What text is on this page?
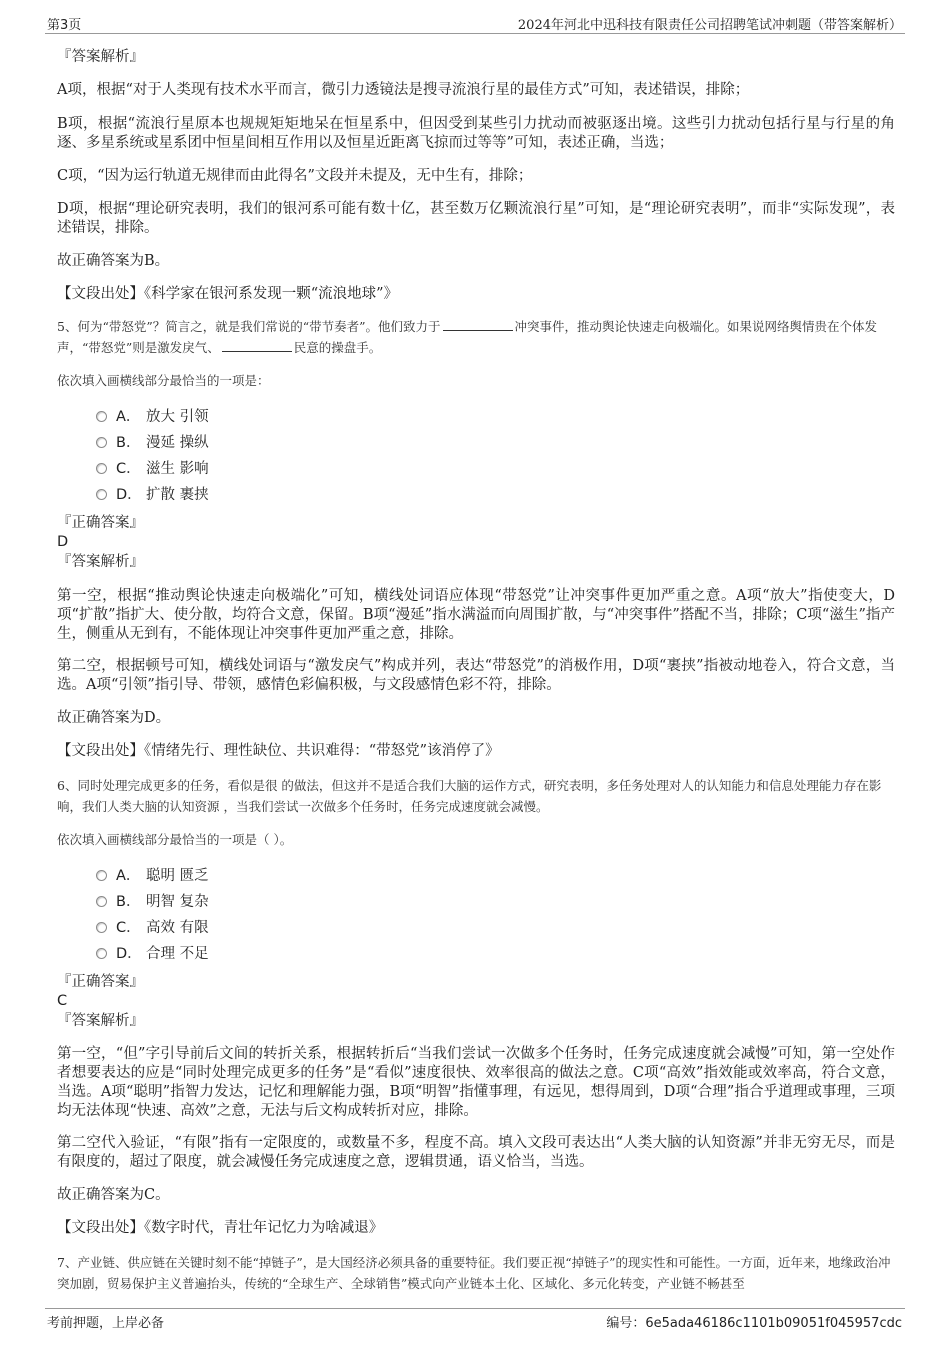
第3页	2024年河北中迅科技有限责任公司招聘笔试冲刺题（带答案解析）
『答案解析』
A项，根据“对于人类现有技术水平而言，微引力透镜法是搜寻流浪行星的最佳方式”可知，表述错误，排除；
B项，根据“流浪行星原本也规规矩矩地呆在恒星系中，但因受到某些引力扰动而被驱逐出境。这些引力扰动包括行星与行星的角逐、多星系统或星系团中恒星间相互作用以及恒星近距离飞掠而过等等”可知，表述正确，当选；
C项，“因为运行轨道无规律而由此得名”文段并未提及，无中生有，排除；
D项，根据“理论研究表明，我们的银河系可能有数十亿，甚至数万亿颗流浪行星”可知，是“理论研究表明”，而非“实际发现”，表述错误，排除。
故正确答案为B。
【文段出处】《科学家在银河系发现一颗“流浪地球”》
5、何为“带怒党”？简言之，就是我们常说的“带节奏者”。他们致力于	冲突事件，推动舆论快速走向极端化。如果说网络舆情贵在个体发声，“带怒党”则是激发戾气、	民意的操盘手。
依次填入画横线部分最恰当的一项是：
A． 放大 引领
B． 漫延 操纵
C． 滋生 影响
D． 扩散 裹挟
『正确答案』
D
『答案解析』
第一空，根据“推动舆论快速走向极端化”可知，横线处词语应体现“带怒党”让冲突事件更加严重之意。A项“放大”指使变大，D项“扩散”指扩大、使分散，均符合文意，保留。B项“漫延”指水满溢而向周围扩散，与“冲突事件”搭配不当，排除；C项“滋生”指产生，侧重从无到有，不能体现让冲突事件更加严重之意，排除。
第二空，根据顿号可知，横线处词语与“激发戾气”构成并列，表达“带怒党”的消极作用，D项“裹挟”指被动地卷入，符合文意，当选。A项“引领”指引导、带领，感情色彩偏积极，与文段感情色彩不符，排除。
故正确答案为D。
【文段出处】《情绪先行、理性缺位、共识难得：“带怒党”该消停了》
6、同时处理完成更多的任务，看似是很 的做法，但这并不是适合我们大脑的运作方式，研究表明，多任务处理对人的认知能力和信息处理能力存在影响，我们人类大脑的认知资源 ，当我们尝试一次做多个任务时，任务完成速度就会减慢。
依次填入画横线部分最恰当的一项是（ ）。
A． 聪明 匮乏
B． 明智 复杂
C． 高效 有限
D． 合理 不足
『正确答案』
C
『答案解析』
第一空，“但”字引导前后文间的转折关系，根据转折后“当我们尝试一次做多个任务时，任务完成速度就会减慢”可知，第一空处作者想要表达的应是“同时处理完成更多的任务”是“看似”速度很快、效率很高的做法之意。C项“高效”指效能或效率高，符合文意，当选。A项“聪明”指智力发达，记忆和理解能力强，B项“明智”指懂事理，有远见，想得周到，D项“合理”指合乎道理或事理，三项均无法体现“快速、高效”之意，无法与后文构成转折对应，排除。
第二空代入验证，“有限”指有一定限度的，或数量不多，程度不高。填入文段可表达出“人类大脑的认知资源”并非无穷无尽，而是有限度的，超过了限度，就会减慢任务完成速度之意，逻辑贯通，语义恰当，当选。
故正确答案为C。
【文段出处】《数字时代，青壮年记忆力为啥减退》
7、产业链、供应链在关键时刻不能“掉链子”，是大国经济必须具备的重要特征。我们要正视“掉链子”的现实性和可能性。一方面，近年来，地缘政治冲突加剧，贸易保护主义普遍抬头，传统的“全球生产、全球销售”模式向产业链本土化、区域化、多元化转变，产业链不畅甚至
考前押题，上岸必备	编号：6e5ada46186c1101b09051f045957cdc
